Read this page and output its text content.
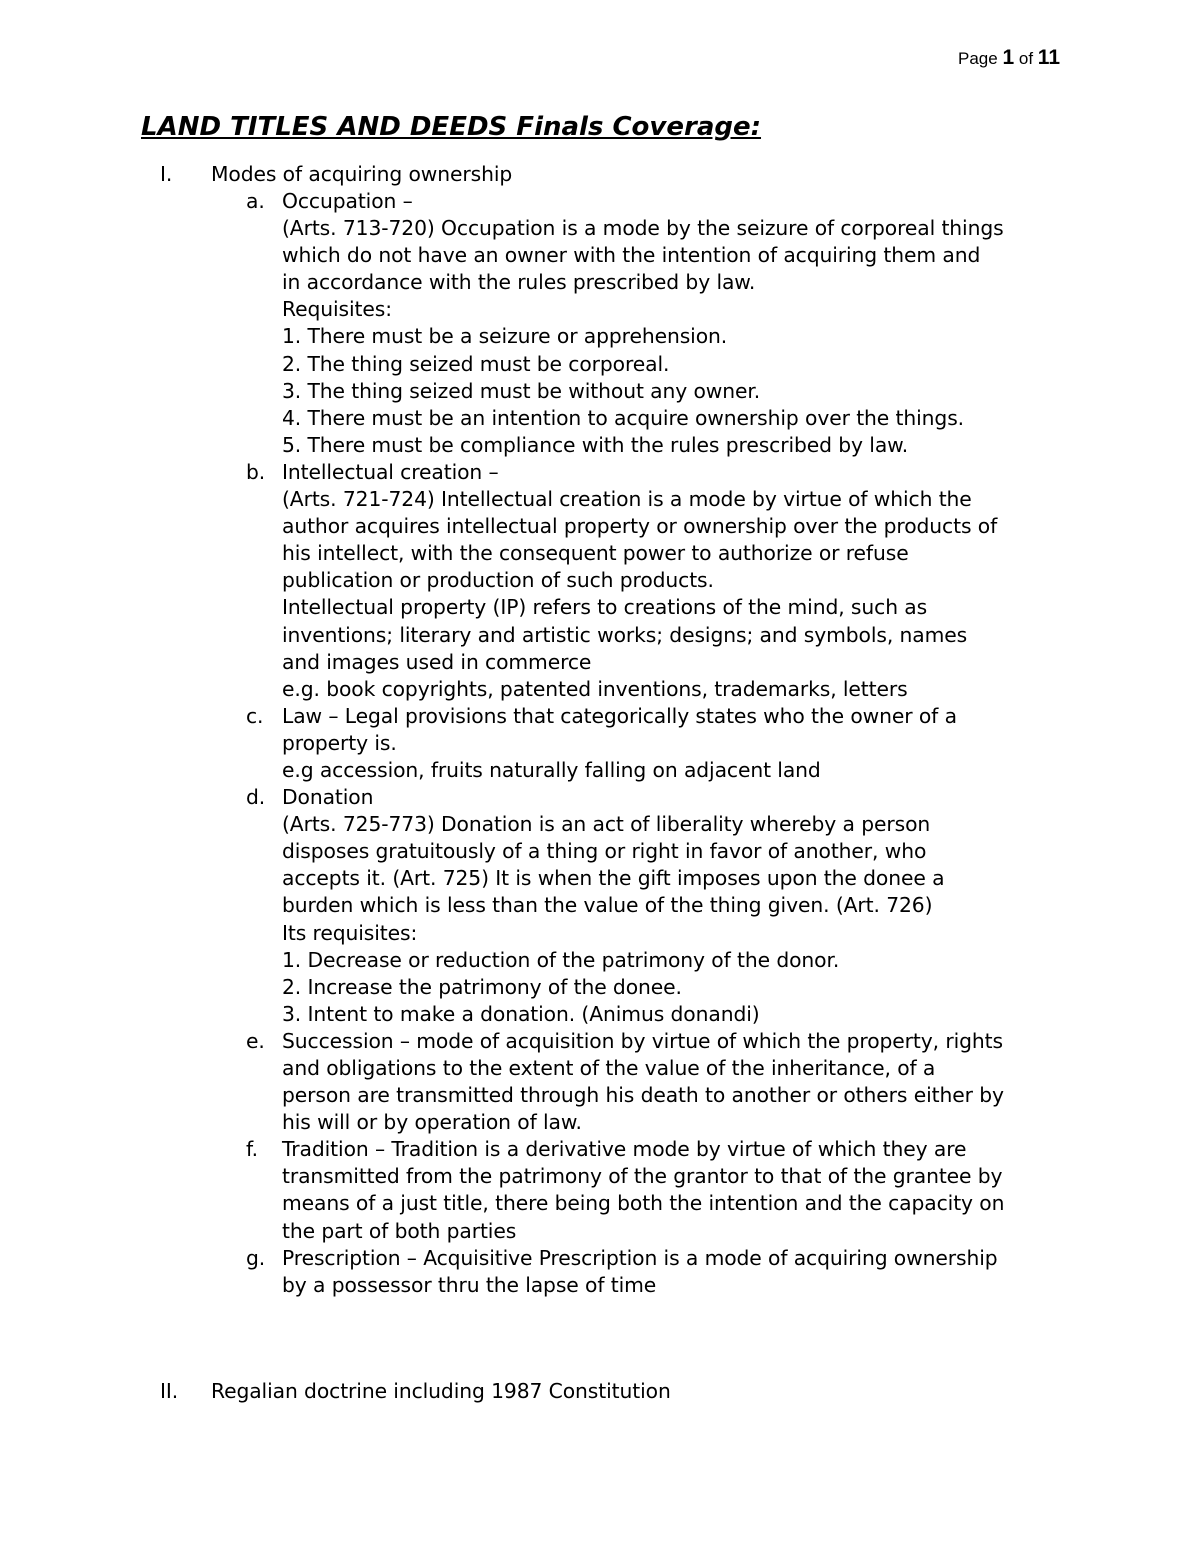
Page 1 of 11
LAND TITLES AND DEEDS Finals Coverage:
I. Modes of acquiring ownership
a. Occupation –
(Arts. 713-720) Occupation is a mode by the seizure of corporeal things
which do not have an owner with the intention of acquiring them and
in accordance with the rules prescribed by law.
Requisites:
1. There must be a seizure or apprehension.
2. The thing seized must be corporeal.
3. The thing seized must be without any owner.
4. There must be an intention to acquire ownership over the things.
5. There must be compliance with the rules prescribed by law.
b. Intellectual creation –
(Arts. 721-724) Intellectual creation is a mode by virtue of which the
author acquires intellectual property or ownership over the products of
his intellect, with the consequent power to authorize or refuse
publication or production of such products.
Intellectual property (IP) refers to creations of the mind, such as
inventions; literary and artistic works; designs; and symbols, names
and images used in commerce
e.g. book copyrights, patented inventions, trademarks, letters
c. Law – Legal provisions that categorically states who the owner of a
property is.
e.g accession, fruits naturally falling on adjacent land
d. Donation
(Arts. 725-773) Donation is an act of liberality whereby a person
disposes gratuitously of a thing or right in favor of another, who
accepts it. (Art. 725) It is when the gift imposes upon the donee a
burden which is less than the value of the thing given. (Art. 726)
Its requisites:
1. Decrease or reduction of the patrimony of the donor.
2. Increase the patrimony of the donee.
3. Intent to make a donation. (Animus donandi)
e. Succession – mode of acquisition by virtue of which the property, rights
and obligations to the extent of the value of the inheritance, of a
person are transmitted through his death to another or others either by
his will or by operation of law.
f. Tradition – Tradition is a derivative mode by virtue of which they are
transmitted from the patrimony of the grantor to that of the grantee by
means of a just title, there being both the intention and the capacity on
the part of both parties
g. Prescription – Acquisitive Prescription is a mode of acquiring ownership
by a possessor thru the lapse of time
II. Regalian doctrine including 1987 Constitution
